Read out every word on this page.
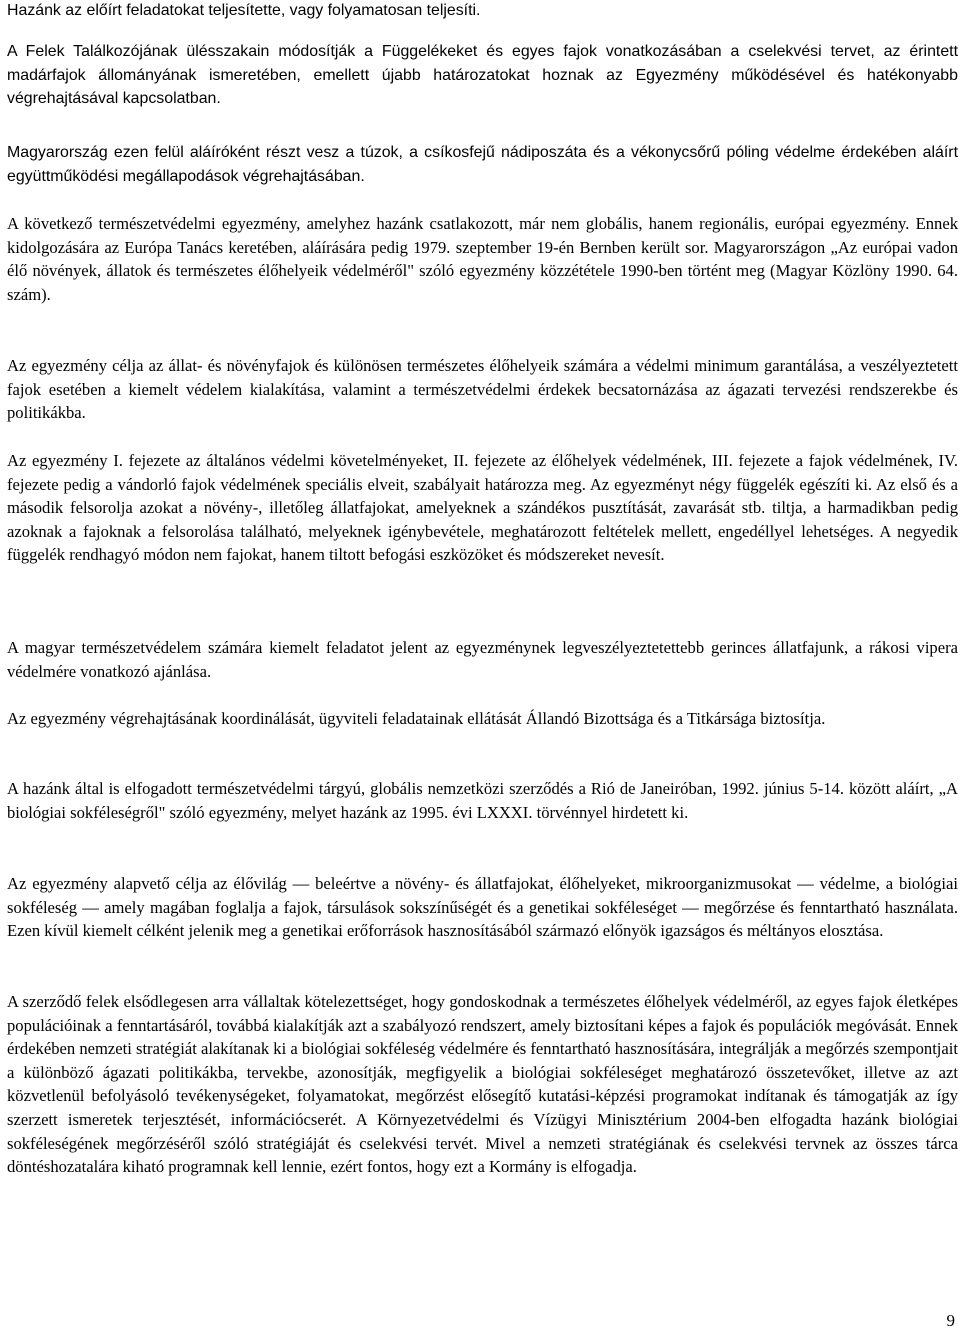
Hazánk az előírt feladatokat teljesítette, vagy folyamatosan teljesíti.

A Felek Találkozójának ülésszakain módosítják a Függelékeket és egyes fajok vonatkozásában a cselekvési tervet, az érintett madárfajok állományának ismeretében, emellett újabb határozatokat hoznak az Egyezmény működésével és hatékonyabb végrehajtásával kapcsolatban.

Magyarország ezen felül aláíróként részt vesz a túzok, a csíkosfejű nádiposzáta és a vékonycsőrű póling védelme érdekében aláírt együttműködési megállapodások végrehajtásában.

A következő természetvédelmi egyezmény, amelyhez hazánk csatlakozott, már nem globális, hanem regionális, európai egyezmény. Ennek kidolgozására az Európa Tanács keretében, aláírására pedig 1979. szeptember 19-én Bernben került sor. Magyarországon „Az európai vadon élő növények, állatok és természetes élőhelyeik védelméről" szóló egyezmény közzététele 1990-ben történt meg (Magyar Közlöny 1990. 64. szám).

Az egyezmény célja az állat- és növényfajok és különösen természetes élőhelyeik számára a védelmi minimum garantálása, a veszélyeztetett fajok esetében a kiemelt védelem kialakítása, valamint a természetvédelmi érdekek becsatornázása az ágazati tervezési rendszerekbe és politikákba.

Az egyezmény I. fejezete az általános védelmi követelményeket, II. fejezete az élőhelyek védelmének, III. fejezete a fajok védelmének, IV. fejezete pedig a vándorló fajok védelmének speciális elveit, szabályait határozza meg. Az egyezményt négy függelék egészíti ki. Az első és a második felsorolja azokat a növény-, illetőleg állatfajokat, amelyeknek a szándékos pusztítását, zavarását stb. tiltja, a harmadikban pedig azoknak a fajoknak a felsorolása található, melyeknek igénybevétele, meghatározott feltételek mellett, engedéllyel lehetséges. A negyedik függelék rendhagyó módon nem fajokat, hanem tiltott befogási eszközöket és módszereket nevesít.

A magyar természetvédelem számára kiemelt feladatot jelent az egyezménynek legveszélyeztetettebb gerinces állatfajunk, a rákosi vipera védelmére vonatkozó ajánlása.

Az egyezmény végrehajtásának koordinálását, ügyviteli feladatainak ellátását Állandó Bizottsága és a Titkársága biztosítja.

A hazánk által is elfogadott természetvédelmi tárgyú, globális nemzetközi szerződés a Rió de Janeiróban, 1992. június 5-14. között aláírt, „A biológiai sokféleségről" szóló egyezmény, melyet hazánk az 1995. évi LXXXI. törvénnyel hirdetett ki.

Az egyezmény alapvető célja az élővilág — beleértve a növény- és állatfajokat, élőhelyeket, mikroorganizmusokat — védelme, a biológiai sokféleség — amely magában foglalja a fajok, társulások sokszínűségét és a genetikai sokféleséget — megőrzése és fenntartható használata. Ezen kívül kiemelt célként jelenik meg a genetikai erőforrások hasznosításából származó előnyök igazságos és méltányos elosztása.

A szerződő felek elsődlegesen arra vállaltak kötelezettséget, hogy gondoskodnak a természetes élőhelyek védelméről, az egyes fajok életképes populációinak a fenntartásáról, továbbá kialakítják azt a szabályozó rendszert, amely biztosítani képes a fajok és populációk megóvását. Ennek érdekében nemzeti stratégiát alakítanak ki a biológiai sokféleség védelmére és fenntartható hasznosítására, integrálják a megőrzés szempontjait a különböző ágazati politikákba, tervekbe, azonosítják, megfigyelik a biológiai sokféleséget meghatározó összetevőket, illetve az azt közvetlenül befolyásoló tevékenységeket, folyamatokat, megőrzést elősegítő kutatási-képzési programokat indítanak és támogatják az így szerzett ismeretek terjesztését, információcserét. A Környezetvédelmi és Vízügyi Minisztérium 2004-ben elfogadta hazánk biológiai sokféleségének megőrzéséről szóló stratégiáját és cselekvési tervét. Mivel a nemzeti stratégiának és cselekvési tervnek az összes tárca döntéshozatalára kiható programnak kell lennie, ezért fontos, hogy ezt a Kormány is elfogadja.

9
